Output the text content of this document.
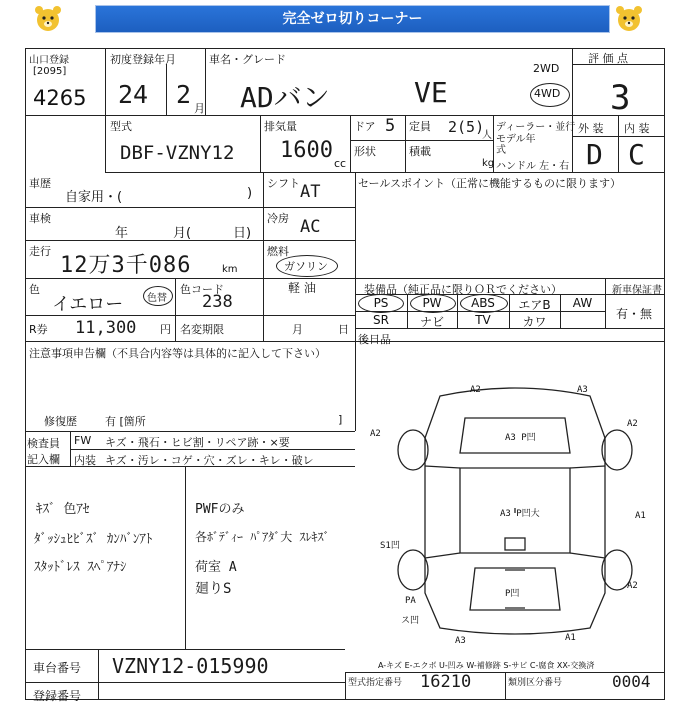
完全ゼロ切りコーナー
山口登録
[2095]
4265
初度登録年月
24 2 月
車名・グレード
ADバン	VE
2WD
4WD
評 価 点
3
型式
DBF-VZNY12
排気量
1600
cc
ドア 5 定員 2(5)
人
形状	積載
kg
ディーラー・並行
モデル年式
ハンドル 左・右
外 装 内 装
D C
車歴
自家用・(	)
車検
年	月(	日)
走行
12万3千086	km
色
イエロー 色替
色コード
238
R券 11,300 円 名変期限	月	日
シフト AT
冷房 AC
燃料
ガソリン
軽 油
セールスポイント（正常に機能するものに限ります）
装備品（純正品に限りＯＲでください）	新車保証書
PS	PW	ABS	エアB	AW
SR	ナビ	TV	カワ
有・無
後日品
注意事項申告欄（不具合内容等は具体的に記入して下さい）
修復歴	有 [箇所	]
検査員
記入欄
FW キズ・飛石・ヒビ割・リペア跡・×要
内装 キズ・汚レ・コゲ・穴・ズレ・キレ・破レ
ｷｽﾞ 色ｱｾ
ﾀﾞｯｼｭﾋﾋﾞｽﾞ ｶﾝﾊﾞﾝｱﾄ
ｽﾀｯﾄﾞﾚｽ ｽﾍﾟｱﾅｼ
PWFのみ
各ﾎﾞﾃﾞｨｰ ﾊﾟｱﾀﾞ大 ｽﾚｷｽﾞ
荷室 A
廻りS
A2	A3
A2
A3 P凹
A3 P凹大
A2
A1
A2
S1凹
P凹
PA
A3	A1
ス凹
車台番号 VZNY12-015990
登録番号
A-キズ E-エクボ U-凹み W-補修跡 S-サビ C-腐食 XX-交換済
型式指定番号 16210	類別区分番号	0004
